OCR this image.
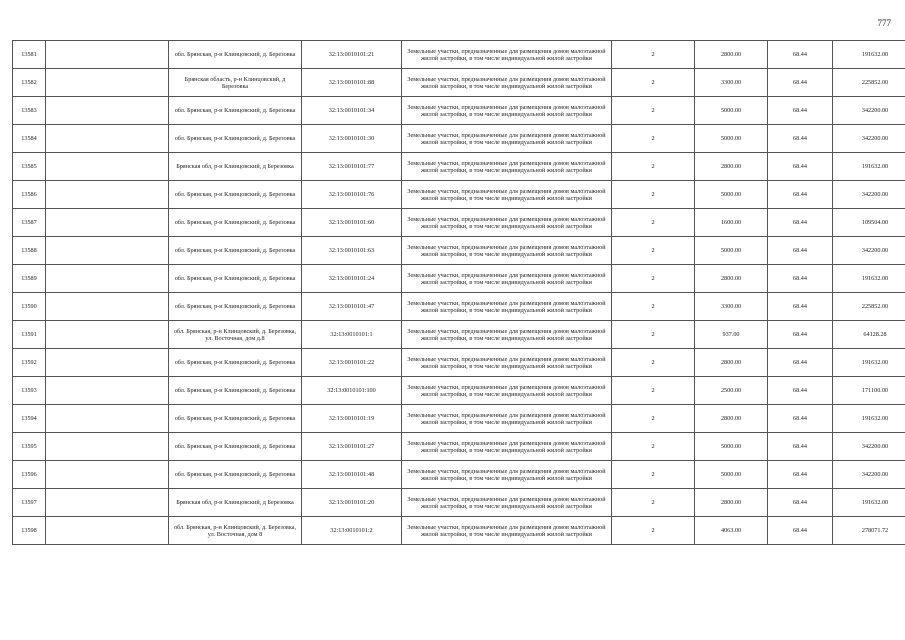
777
13581		обл. Брянская, р-н Клинцовский, д. Березовка	32:13:0010101:21	Земельные участки, предназначенные для размещения домов малоэтажной жилой застройки, в том числе индивидуальной жилой застройки	2	2800.00	68.44	191632.00
13582		Брянская область, р-н Клинцовский, д Березовка	32:13:0010101:88	Земельные участки, предназначенные для размещения домов малоэтажной жилой застройки, в том числе индивидуальной жилой застройки	2	3300.00	68.44	225852.00
13583		обл. Брянская, р-н Клинцовский, д. Березовка	32:13:0010101:34	Земельные участки, предназначенные для размещения домов малоэтажной жилой застройки, в том числе индивидуальной жилой застройки	2	5000.00	68.44	342200.00
13584		обл. Брянская, р-н Клинцовский, д. Березовка	32:13:0010101:30	Земельные участки, предназначенные для размещения домов малоэтажной жилой застройки, в том числе индивидуальной жилой застройки	2	5000.00	68.44	342200.00
13585		Брянская обл, р-н Клинцовский, д Березовка	32:13:0010101:77	Земельные участки, предназначенные для размещения домов малоэтажной жилой застройки, в том числе индивидуальной жилой застройки	2	2800.00	68.44	191632.00
13586		обл. Брянская, р-н Клинцовский, д. Березовка	32:13:0010101:76	Земельные участки, предназначенные для размещения домов малоэтажной жилой застройки, в том числе индивидуальной жилой застройки	2	5000.00	68.44	342200.00
13587		обл. Брянская, р-н Клинцовский, д. Березовка	32:13:0010101:60	Земельные участки, предназначенные для размещения домов малоэтажной жилой застройки, в том числе индивидуальной жилой застройки	2	1600.00	68.44	109504.00
13588		обл. Брянская, р-н Клинцовский, д. Березовка	32:13:0010101:63	Земельные участки, предназначенные для размещения домов малоэтажной жилой застройки, в том числе индивидуальной жилой застройки	2	5000.00	68.44	342200.00
13589		обл. Брянская, р-н Клинцовский, д. Березовка	32:13:0010101:24	Земельные участки, предназначенные для размещения домов малоэтажной жилой застройки, в том числе индивидуальной жилой застройки	2	2800.00	68.44	191632.00
13590		обл. Брянская, р-н Клинцовский, д. Березовка	32:13:0010101:47	Земельные участки, предназначенные для размещения домов малоэтажной жилой застройки, в том числе индивидуальной жилой застройки	2	3300.00	68.44	225852.00
13591		обл. Брянская, р-н Клинцовский, д. Березовка, ул. Восточная, дом д.8	32:13:0010101:1	Земельные участки, предназначенные для размещения домов малоэтажной жилой застройки, в том числе индивидуальной жилой застройки	2	937.00	68.44	64128.28
13592		обл. Брянская, р-н Клинцовский, д. Березовка	32:13:0010101:22	Земельные участки, предназначенные для размещения домов малоэтажной жилой застройки, в том числе индивидуальной жилой застройки	2	2800.00	68.44	191632.00
13593		обл. Брянская, р-н Клинцовский, д. Березовка	32:13:0010101:100	Земельные участки, предназначенные для размещения домов малоэтажной жилой застройки, в том числе индивидуальной жилой застройки	2	2500.00	68.44	171100.00
13594		обл. Брянская, р-н Клинцовский, д. Березовка	32:13:0010101:19	Земельные участки, предназначенные для размещения домов малоэтажной жилой застройки, в том числе индивидуальной жилой застройки	2	2800.00	68.44	191632.00
13595		обл. Брянская, р-н Клинцовский, д. Березовка	32:13:0010101:27	Земельные участки, предназначенные для размещения домов малоэтажной жилой застройки, в том числе индивидуальной жилой застройки	2	5000.00	68.44	342200.00
13596		обл. Брянская, р-н Клинцовский, д. Березовка	32:13:0010101:48	Земельные участки, предназначенные для размещения домов малоэтажной жилой застройки, в том числе индивидуальной жилой застройки	2	5000.00	68.44	342200.00
13597		Брянская обл, р-н Клинцовский, д Березовка	32:13:0010101:20	Земельные участки, предназначенные для размещения домов малоэтажной жилой застройки, в том числе индивидуальной жилой застройки	2	2800.00	68.44	191632.00
13598		обл. Брянская, р-н Клинцовский, д. Березовка, ул. Восточная, дом 8	32:13:0010101:2	Земельные участки, предназначенные для размещения домов малоэтажной жилой застройки, в том числе индивидуальной жилой застройки	2	4063.00	68.44	278071.72
